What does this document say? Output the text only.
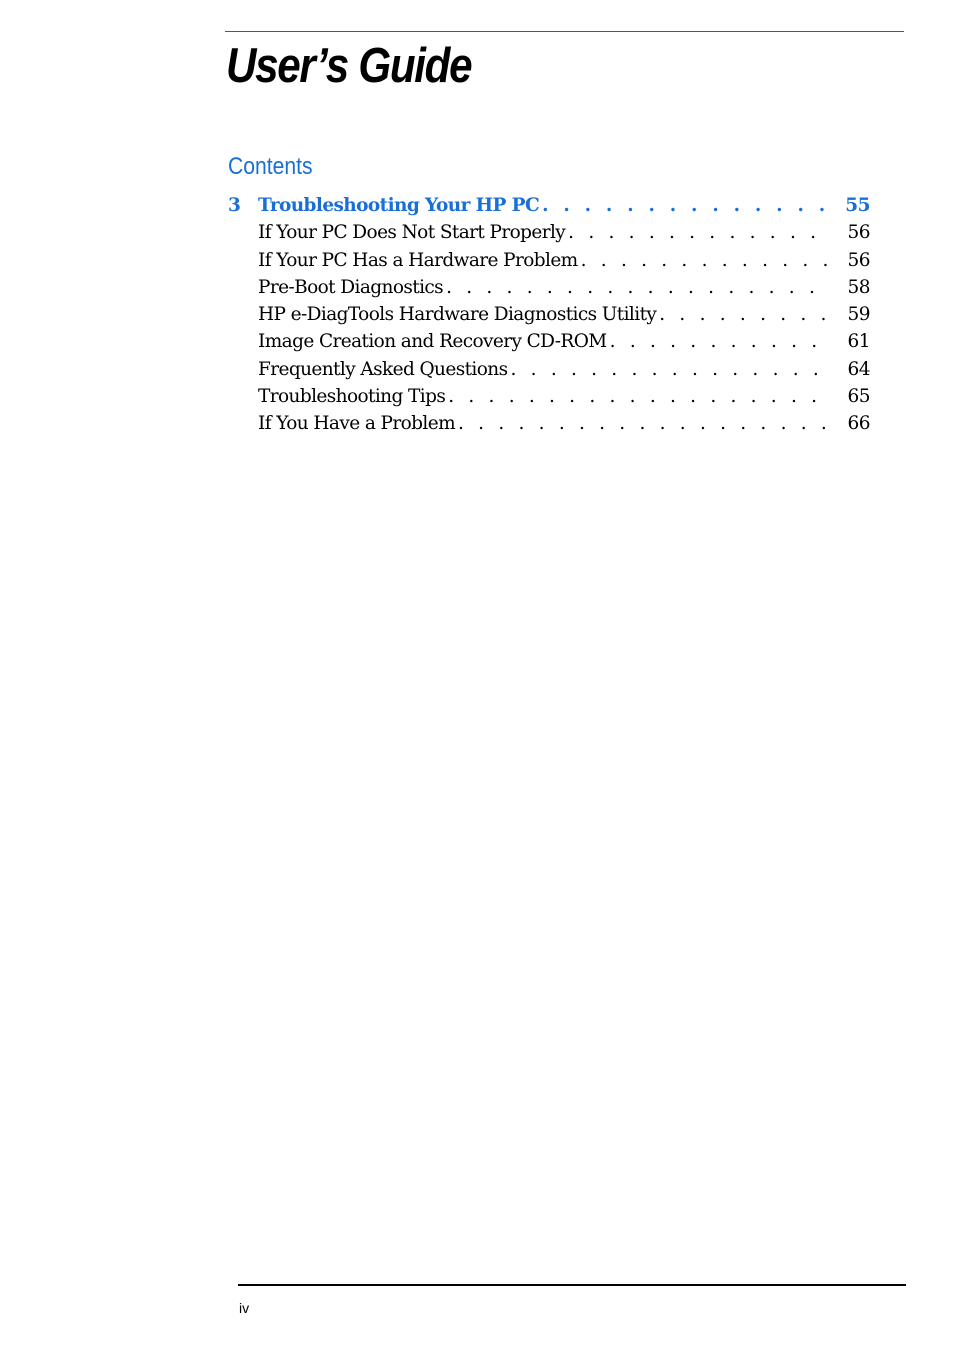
User’s Guide
Contents
3 Troubleshooting Your HP PC . . .	55
If Your PC Does Not Start Properly . . .	56
If Your PC Has a Hardware Problem . . .	56
Pre-Boot Diagnostics . . .	58
HP e-DiagTools Hardware Diagnostics Utility . . .	59
Image Creation and Recovery CD-ROM . . .	61
Frequently Asked Questions . . .	64
Troubleshooting Tips . . .	65
If You Have a Problem . . .	66

iv
